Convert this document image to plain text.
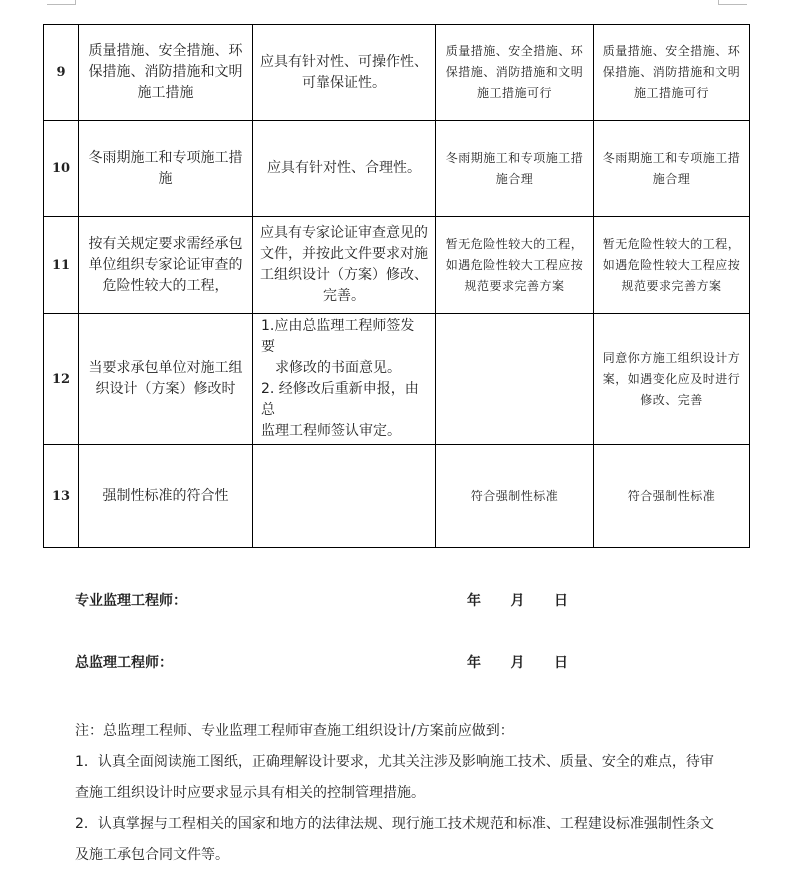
9	质量措施、安全措施、环保措施、消防措施和文明施工措施	应具有针对性、可操作性、可靠保证性。	质量措施、安全措施、环保措施、消防措施和文明施工措施可行	质量措施、安全措施、环保措施、消防措施和文明施工措施可行
10	冬雨期施工和专项施工措施	应具有针对性、合理性。	冬雨期施工和专项施工措施合理	冬雨期施工和专项施工措施合理
11	按有关规定要求需经承包单位组织专家论证审查的危险性较大的工程，	应具有专家论证审查意见的文件，并按此文件要求对施工组织设计（方案）修改、完善。	暂无危险性较大的工程，如遇危险性较大工程应按规范要求完善方案	暂无危险性较大的工程，如遇危险性较大工程应按规范要求完善方案
12	当要求承包单位对施工组织设计（方案）修改时	1.应由总监理工程师签发要
求修改的书面意见。
2. 经修改后重新申报，由总
监理工程师签认审定。		同意你方施工组织设计方案，如遇变化应及时进行修改、完善
13	强制性标准的符合性		符合强制性标准	符合强制性标准
专业监理工程师：	年    月    日
总监理工程师：	年    月    日

注：总监理工程师、专业监理工程师审查施工组织设计/方案前应做到：

1．认真全面阅读施工图纸，正确理解设计要求，尤其关注涉及影响施工技术、质量、安全的难点，待审

查施工组织设计时应要求显示具有相关的控制管理措施。

2．认真掌握与工程相关的国家和地方的法律法规、现行施工技术规范和标准、工程建设标准强制性条文

及施工承包合同文件等。
